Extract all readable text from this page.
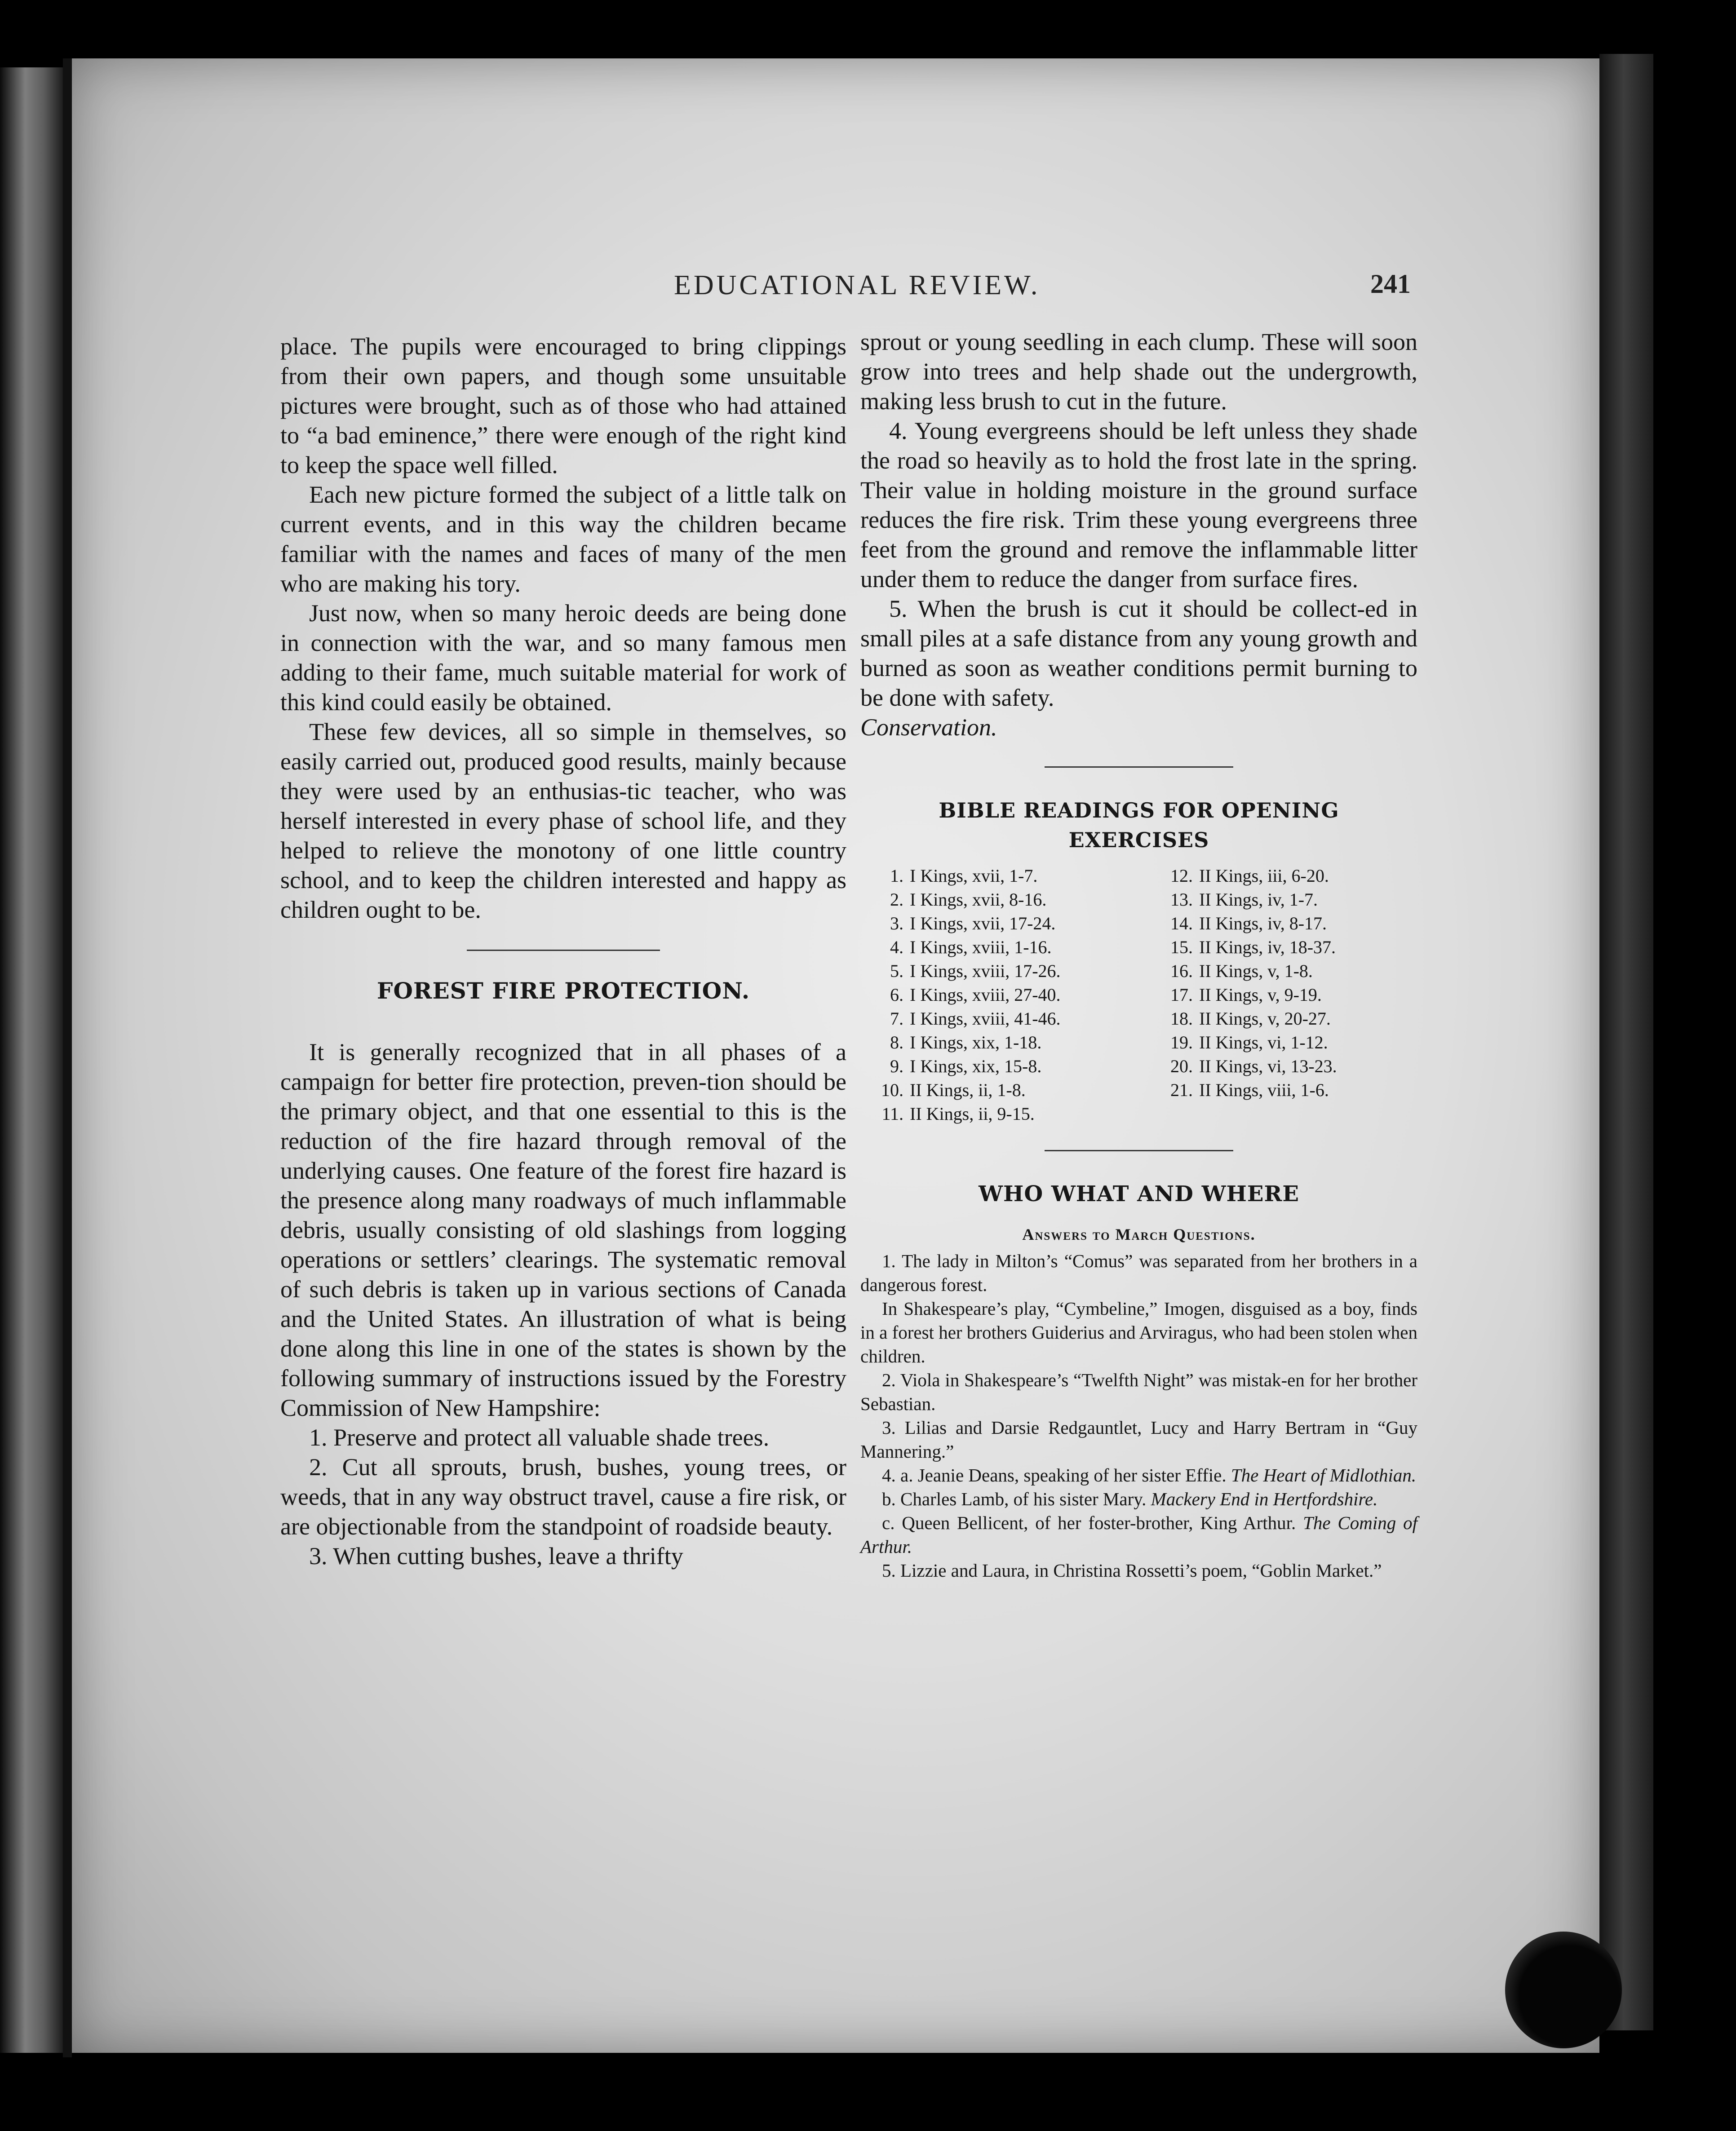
EDUCATIONAL REVIEW.	241

place. The pupils were encouraged to bring clippings from their own papers, and though some unsuitable pictures were brought, such as of those who had attained to “a bad eminence,” there were enough of the right kind to keep the space well filled.

Each new picture formed the subject of a little talk on current events, and in this way the children became familiar with the names and faces of many of the men who are making his tory.

Just now, when so many heroic deeds are being done in connection with the war, and so many famous men adding to their fame, much suitable material for work of this kind could easily be obtained.

These few devices, all so simple in themselves, so easily carried out, produced good results, mainly because they were used by an enthusias-tic teacher, who was herself interested in every phase of school life, and they helped to relieve the monotony of one little country school, and to keep the children interested and happy as children ought to be.

FOREST FIRE PROTECTION.

It is generally recognized that in all phases of a campaign for better fire protection, preven-tion should be the primary object, and that one essential to this is the reduction of the fire hazard through removal of the underlying causes. One feature of the forest fire hazard is the presence along many roadways of much inflammable debris, usually consisting of old slashings from logging operations or settlers’ clearings. The systematic removal of such debris is taken up in various sections of Canada and the United States. An illustration of what is being done along this line in one of the states is shown by the following summary of instructions issued by the Forestry Commission of New Hampshire:

1. Preserve and protect all valuable shade trees.

2. Cut all sprouts, brush, bushes, young trees, or weeds, that in any way obstruct travel, cause a fire risk, or are objectionable from the standpoint of roadside beauty.

3. When cutting bushes, leave a thrifty

sprout or young seedling in each clump. These will soon grow into trees and help shade out the undergrowth, making less brush to cut in the future.

4. Young evergreens should be left unless they shade the road so heavily as to hold the frost late in the spring. Their value in holding moisture in the ground surface reduces the fire risk. Trim these young evergreens three feet from the ground and remove the inflammable litter under them to reduce the danger from surface fires.

5. When the brush is cut it should be collect-ed in small piles at a safe distance from any young growth and burned as soon as weather conditions permit burning to be done with safety.

Conservation.

BIBLE READINGS FOR OPENING
EXERCISES
1. I Kings, xvii, 1-7.
2. I Kings, xvii, 8-16.
3. I Kings, xvii, 17-24.
4. I Kings, xviii, 1-16.
5. I Kings, xviii, 17-26.
6. I Kings, xviii, 27-40.
7. I Kings, xviii, 41-46.
8. I Kings, xix, 1-18.
9. I Kings, xix, 15-8.
10. II Kings, ii, 1-8.
11. II Kings, ii, 9-15.
12. II Kings, iii, 6-20.
13. II Kings, iv, 1-7.
14. II Kings, iv, 8-17.
15. II Kings, iv, 18-37.
16. II Kings, v, 1-8.
17. II Kings, v, 9-19.
18. II Kings, v, 20-27.
19. II Kings, vi, 1-12.
20. II Kings, vi, 13-23.
21. II Kings, viii, 1-6.
WHO WHAT AND WHERE

Answers to March Questions.

1. The lady in Milton’s “Comus” was separated from her brothers in a dangerous forest.

In Shakespeare’s play, “Cymbeline,” Imogen, disguised as a boy, finds in a forest her brothers Guiderius and Arviragus, who had been stolen when children.

2. Viola in Shakespeare’s “Twelfth Night” was mistak-en for her brother Sebastian.

3. Lilias and Darsie Redgauntlet, Lucy and Harry Bertram in “Guy Mannering.”

4. a. Jeanie Deans, speaking of her sister Effie. The Heart of Midlothian.

b. Charles Lamb, of his sister Mary. Mackery End in Hertfordshire.

c. Queen Bellicent, of her foster-brother, King Arthur. The Coming of Arthur.

5. Lizzie and Laura, in Christina Rossetti’s poem, “Goblin Market.”
